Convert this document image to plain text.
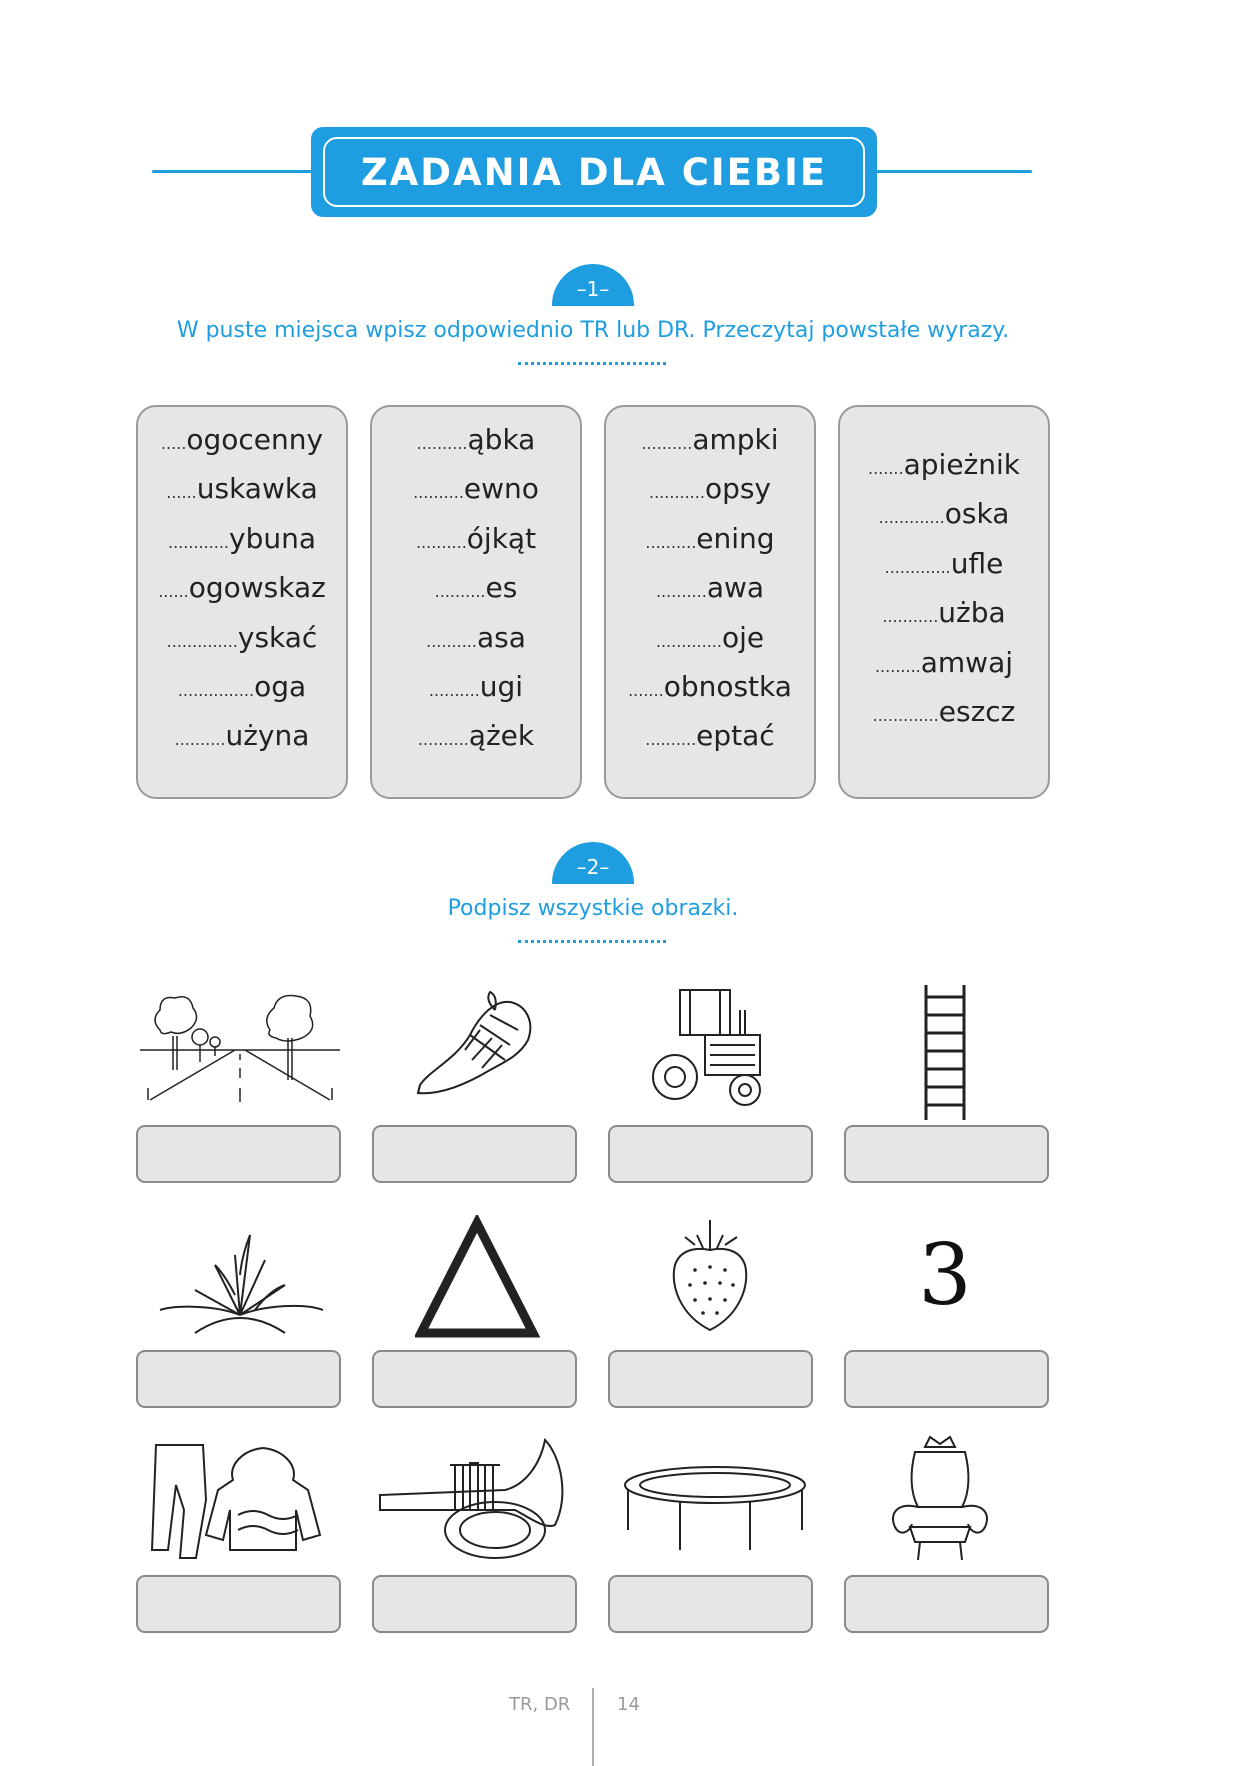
ZADANIA DLA CIEBIE
–1–
W puste miejsca wpisz odpowiednio TR lub DR. Przeczytaj powstałe wyrazy.
.....ogocenny
......uskawka
............ybuna
......ogowskaz
..............yskać
...............oga
..........użyna
..........ąbka
..........ewno
..........ójkąt
..........es
..........asa
..........ugi
..........ążek
..........ampki
...........opsy
..........ening
..........awa
.............oje
.......obnostka
..........eptać
.......apieżnik
.............oska
.............ufle
...........użba
.........amwaj
.............eszcz
–2–
Podpisz wszystkie obrazki.
3
TR, DR	14
